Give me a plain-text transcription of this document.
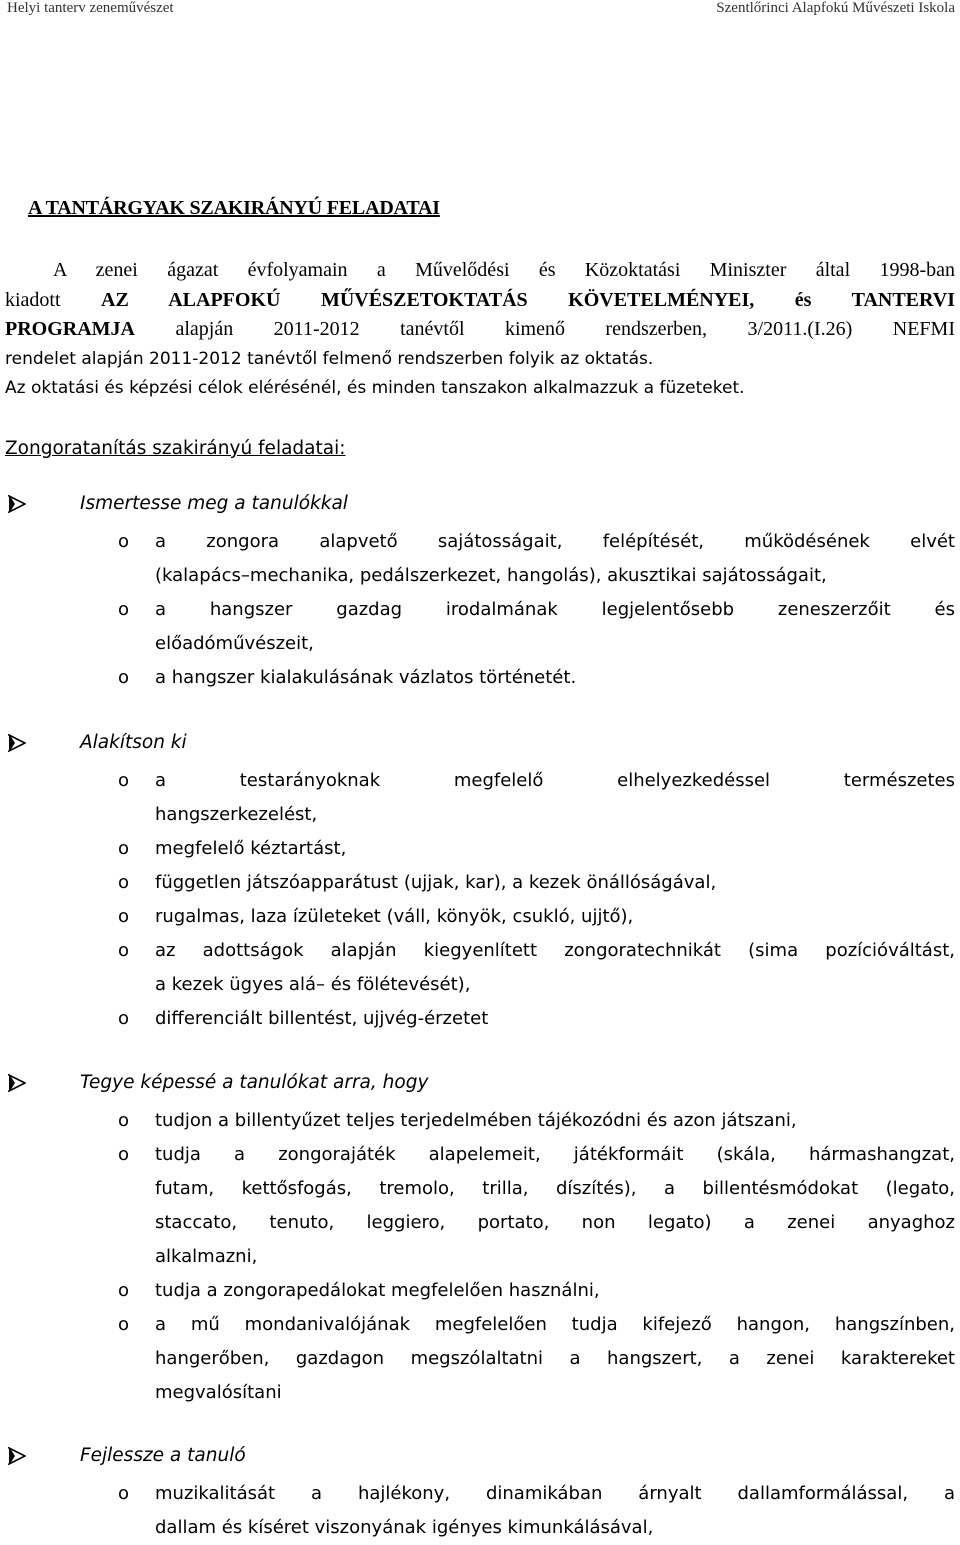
Helyi tanterv zeneművészet	Szentlőrinci Alapfokú Művészeti Iskola
A TANTÁRGYAK SZAKIRÁNYÚ FELADATAI
A zenei ágazat évfolyamain a Művelődési és Közoktatási Miniszter által 1998-ban
kiadott AZ ALAPFOKÚ MŰVÉSZETOKTATÁS KÖVETELMÉNYEI, és TANTERVI
PROGRAMJA alapján 2011-2012 tanévtől kimenő rendszerben, 3/2011.(I.26) NEFMI
rendelet alapján 2011-2012 tanévtől felmenő rendszerben folyik az oktatás.
Az oktatási és képzési célok elérésénél, és minden tanszakon alkalmazzuk a füzeteket.
Zongoratanítás szakirányú feladatai:
Ismertesse meg a tanulókkal
o a zongora alapvető sajátosságait, felépítését, működésének elvét
(kalapács–mechanika, pedálszerkezet, hangolás), akusztikai sajátosságait,
o a hangszer gazdag irodalmának legjelentősebb zeneszerzőit és
előadóművészeit,
o a hangszer kialakulásának vázlatos történetét.
Alakítson ki
o a testarányoknak megfelelő elhelyezkedéssel természetes
hangszerkezelést,
o megfelelő kéztartást,
o független játszóapparátust (ujjak, kar), a kezek önállóságával,
o rugalmas, laza ízületeket (váll, könyök, csukló, ujjtő),
o az adottságok alapján kiegyenlített zongoratechnikát (sima pozícióváltást,
a kezek ügyes alá– és fölétevését),
o differenciált billentést, ujjvég-érzetet
Tegye képessé a tanulókat arra, hogy
o tudjon a billentyűzet teljes terjedelmében tájékozódni és azon játszani,
o tudja a zongorajáték alapelemeit, játékformáit (skála, hármashangzat,
futam, kettősfogás, tremolo, trilla, díszítés), a billentésmódokat (legato,
staccato, tenuto, leggiero, portato, non legato) a zenei anyaghoz
alkalmazni,
o tudja a zongorapedálokat megfelelően használni,
o a mű mondanivalójának megfelelően tudja kifejező hangon, hangszínben,
hangerőben, gazdagon megszólaltatni a hangszert, a zenei karaktereket
megvalósítani
Fejlessze a tanuló
o muzikalitását a hajlékony, dinamikában árnyalt dallamformálással, a
dallam és kíséret viszonyának igényes kimunkálásával,
